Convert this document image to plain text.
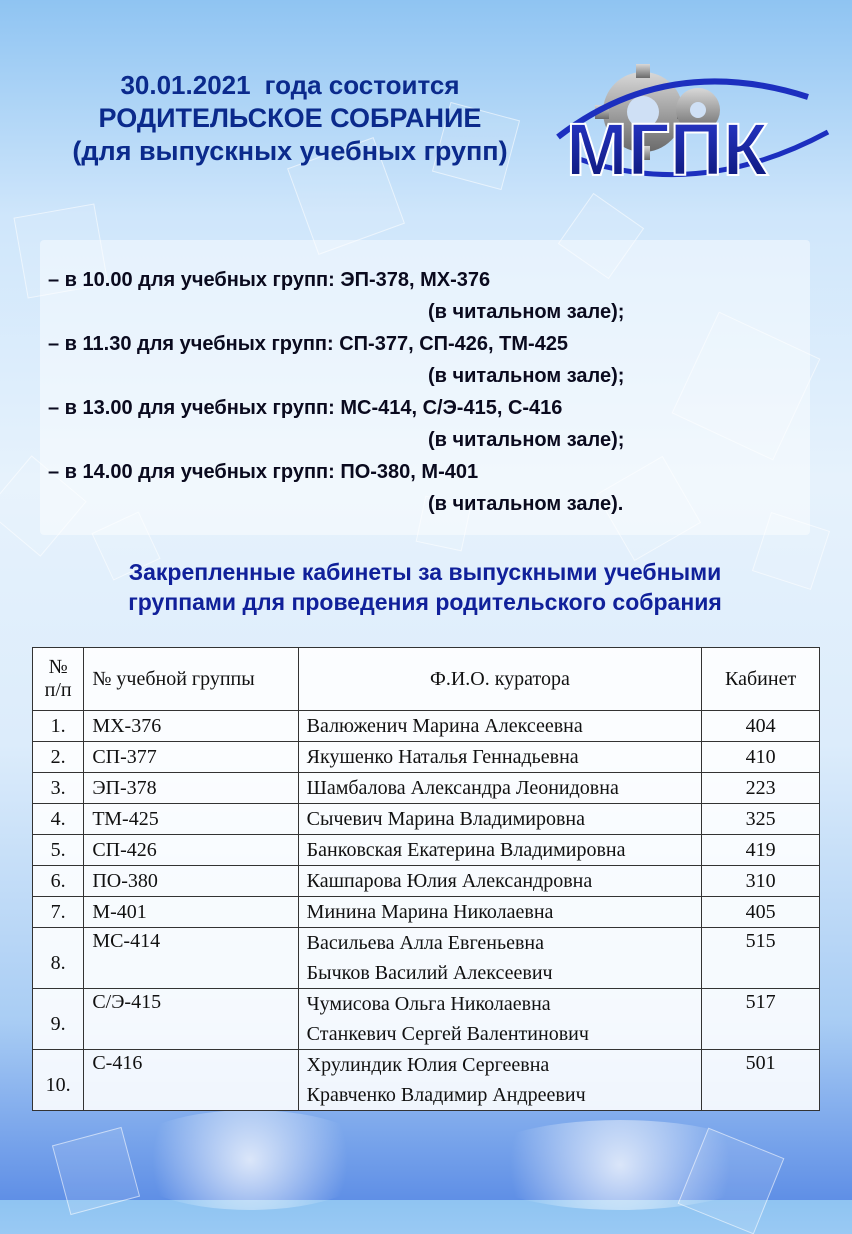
30.01.2021 года состоится
РОДИТЕЛЬСКОЕ СОБРАНИЕ
(для выпускных учебных групп) МГПК
– в 10.00 для учебных групп: ЭП-378, МХ-376
(в читальном зале);
– в 11.30 для учебных групп: СП-377, СП-426, ТМ-425
(в читальном зале);
– в 13.00 для учебных групп: МС-414, С/Э-415, С-416
(в читальном зале);
– в 14.00 для учебных групп: ПО-380, М-401
(в читальном зале).
Закрепленные кабинеты за выпускными учебными
группами для проведения родительского собрания
№
п/п	№ учебной группы	Ф.И.О. куратора	Кабинет
1.	МХ-376	Валюженич Марина Алексеевна	404
2.	СП-377	Якушенко Наталья Геннадьевна	410
3.	ЭП-378	Шамбалова Александра Леонидовна	223
4.	ТМ-425	Сычевич Марина Владимировна	325
5.	СП-426	Банковская Екатерина Владимировна	419
6.	ПО-380	Кашпарова Юлия Александровна	310
7.	М-401	Минина Марина Николаевна	405
8.	МС-414	Васильева Алла Евгеньевна
Бычков Василий Алексеевич	515
9.	С/Э-415	Чумисова Ольга Николаевна
Станкевич Сергей Валентинович	517
10.	С-416	Хрулиндик Юлия Сергеевна
Кравченко Владимир Андреевич	501
